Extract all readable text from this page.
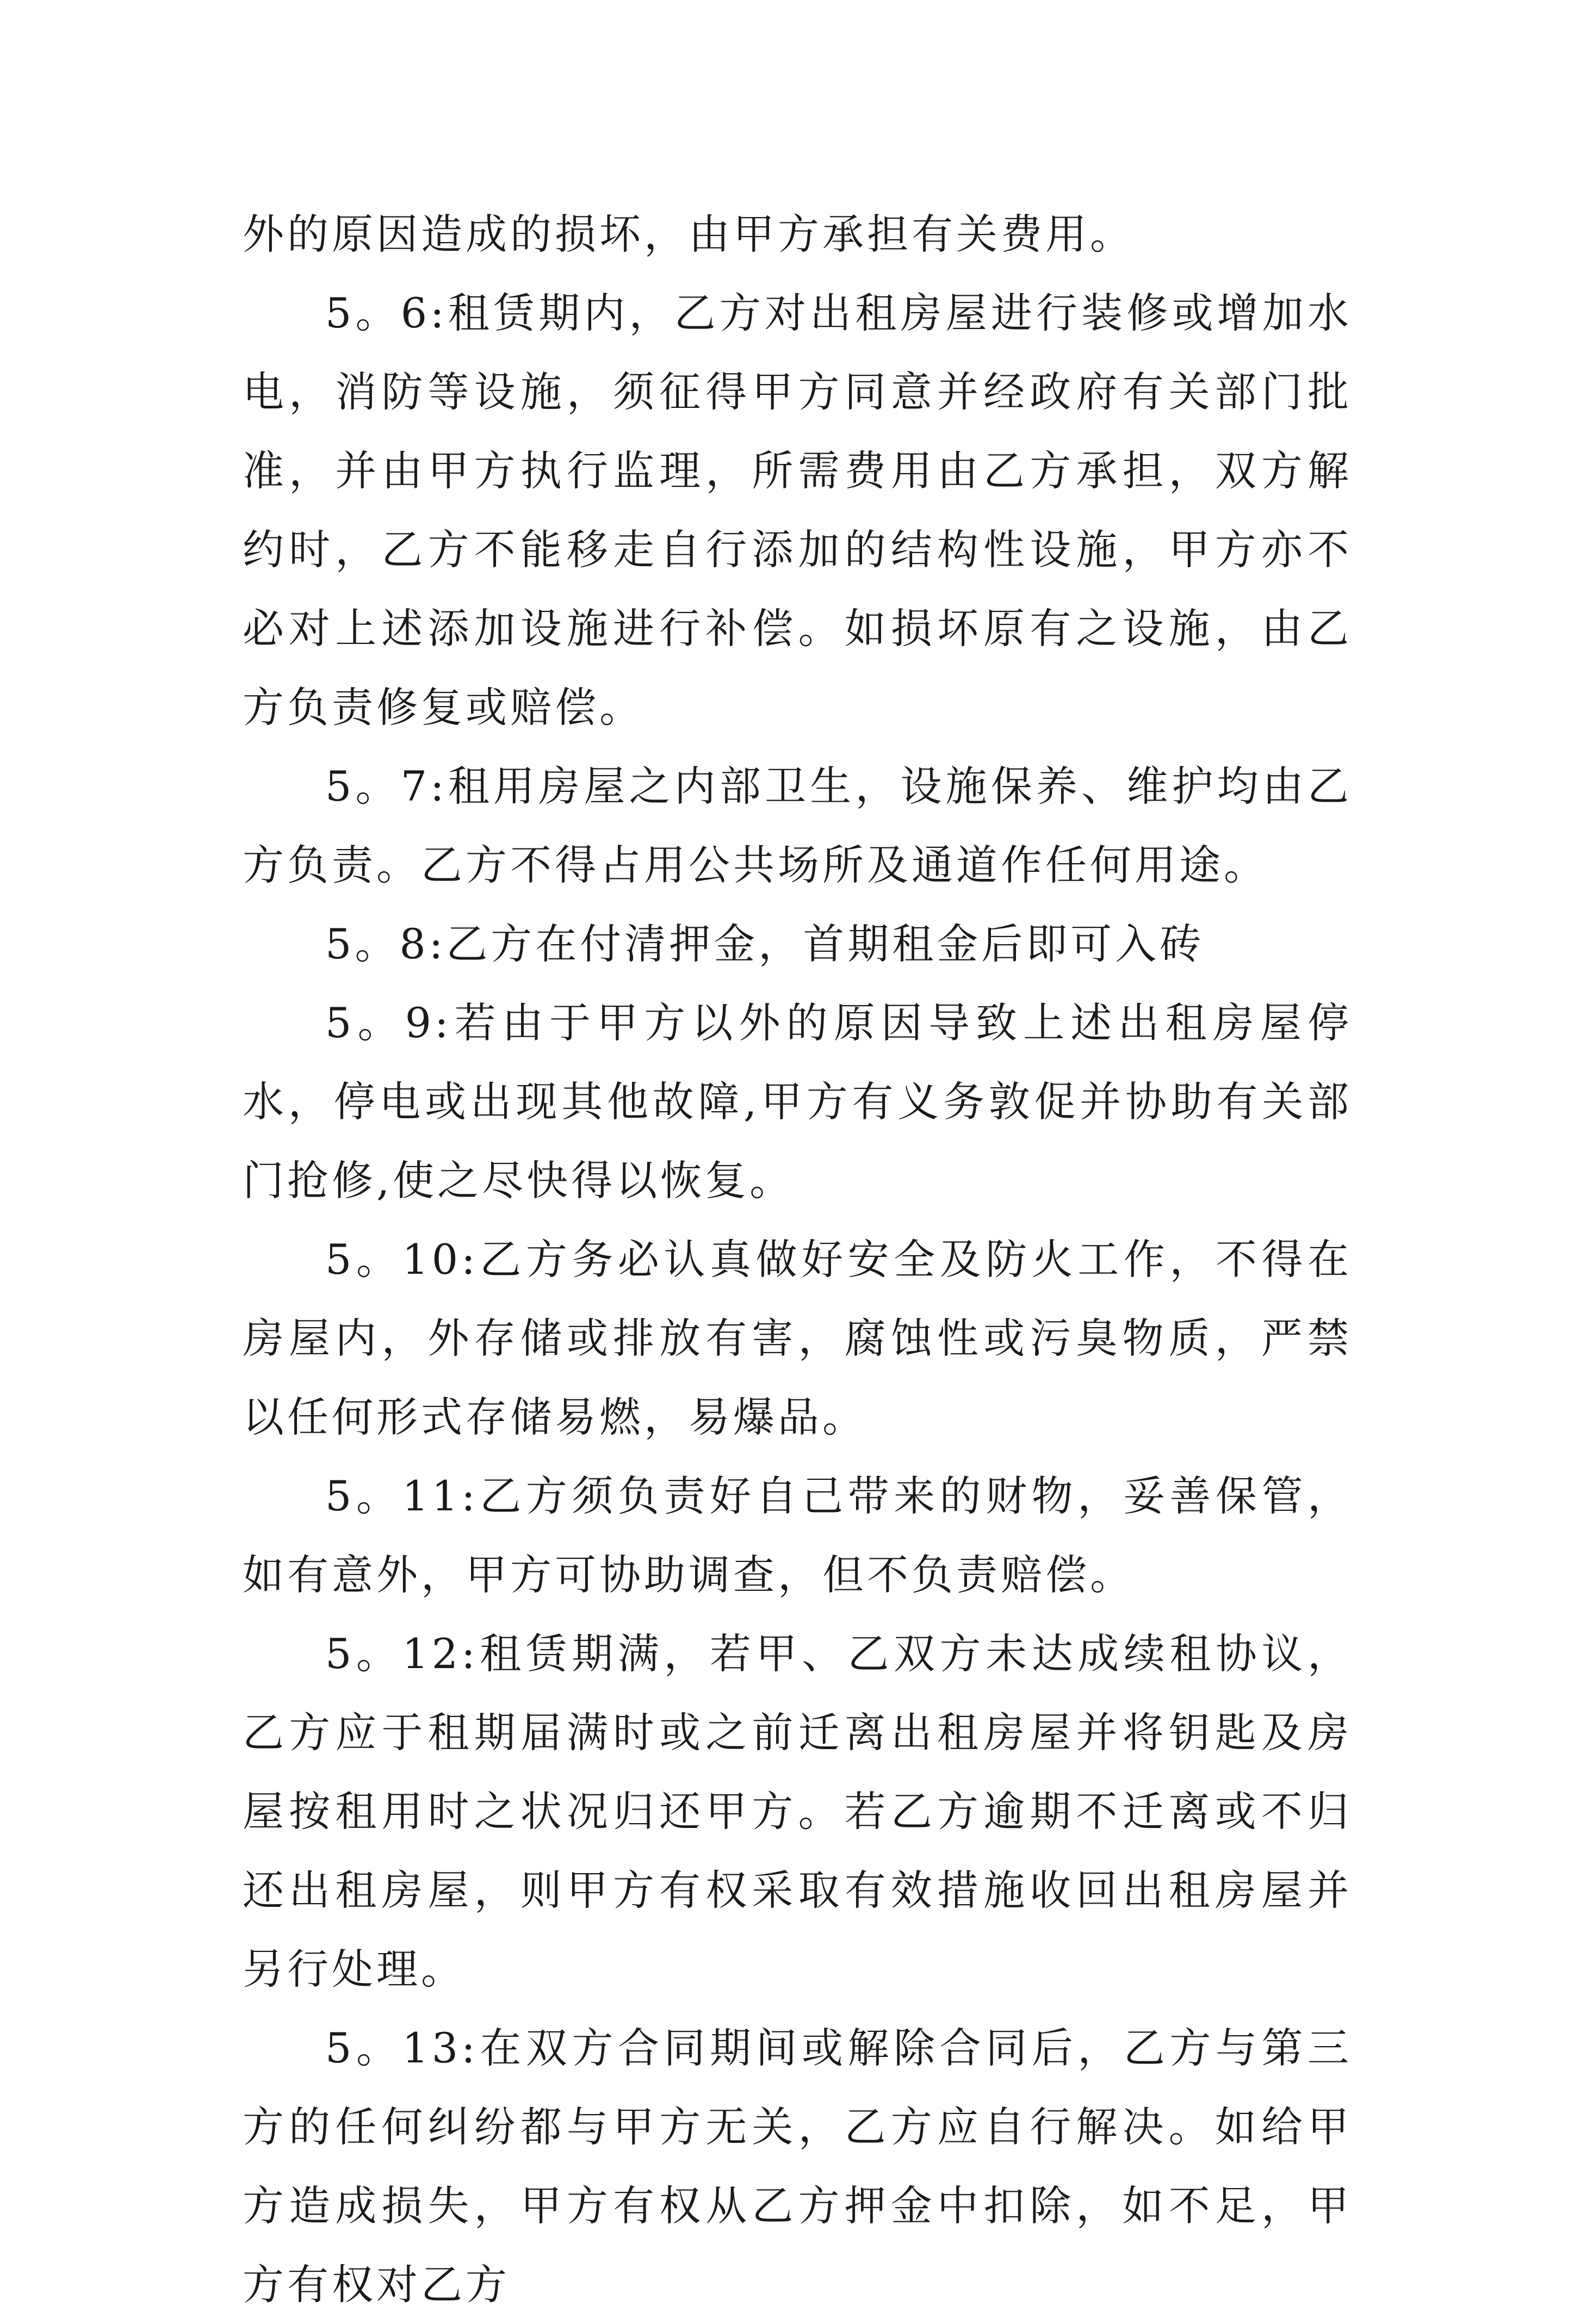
外的原因造成的损坏，由甲方承担有关费用。

5。6:租赁期内，乙方对出租房屋进行装修或增加水电，消防等设施，须征得甲方同意并经政府有关部门批准，并由甲方执行监理，所需费用由乙方承担，双方解约时，乙方不能移走自行添加的结构性设施，甲方亦不必对上述添加设施进行补偿。如损坏原有之设施，由乙方负责修复或赔偿。

5。7:租用房屋之内部卫生，设施保养、维护均由乙方负责。乙方不得占用公共场所及通道作任何用途。

5。8:乙方在付清押金，首期租金后即可入砖

5。9:若由于甲方以外的原因导致上述出租房屋停水，停电或出现其他故障,甲方有义务敦促并协助有关部门抢修,使之尽快得以恢复。

5。10:乙方务必认真做好安全及防火工作，不得在房屋内，外存储或排放有害，腐蚀性或污臭物质，严禁以任何形式存储易燃，易爆品。

5。11:乙方须负责好自己带来的财物，妥善保管，如有意外，甲方可协助调查，但不负责赔偿。

5。12:租赁期满，若甲、乙双方未达成续租协议，乙方应于租期届满时或之前迁离出租房屋并将钥匙及房屋按租用时之状况归还甲方。若乙方逾期不迁离或不归还出租房屋，则甲方有权采取有效措施收回出租房屋并另行处理。

5。13:在双方合同期间或解除合同后，乙方与第三方的任何纠纷都与甲方无关，乙方应自行解决。如给甲方造成损失，甲方有权从乙方押金中扣除，如不足，甲方有权对乙方
